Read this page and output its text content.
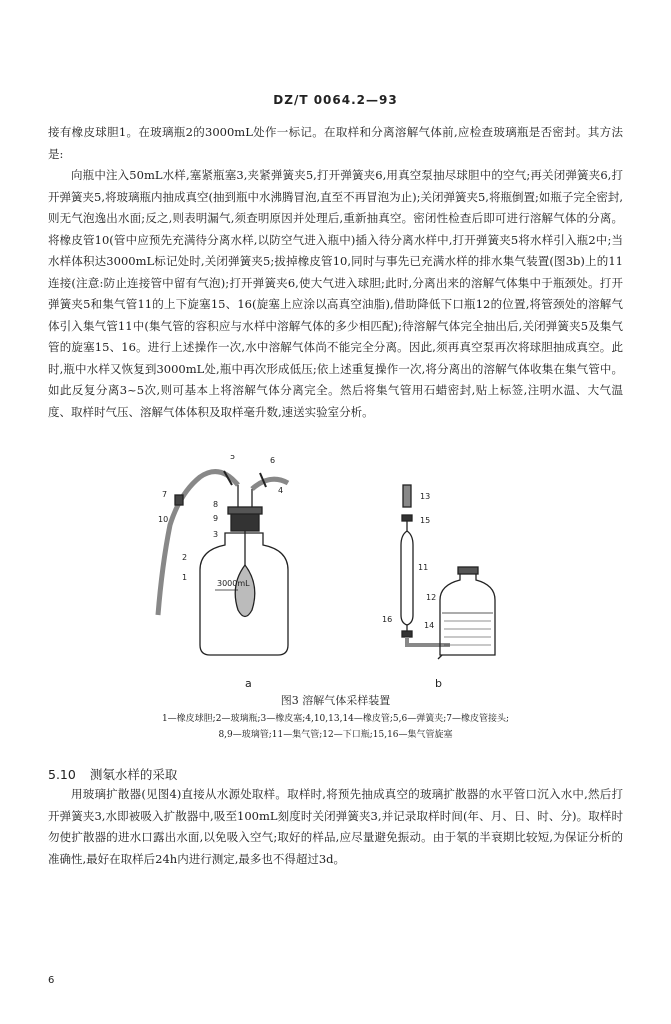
DZ/T 0064.2—93

接有橡皮球胆1。在玻璃瓶2的3000mL处作一标记。在取样和分离溶解气体前,应检查玻璃瓶是否密封。其方法是:

向瓶中注入50mL水样,塞紧瓶塞3,夹紧弹簧夹5,打开弹簧夹6,用真空泵抽尽球胆中的空气;再关闭弹簧夹6,打开弹簧夹5,将玻璃瓶内抽成真空(抽到瓶中水沸腾冒泡,直至不再冒泡为止);关闭弹簧夹5,将瓶倒置;如瓶子完全密封,则无气泡逸出水面;反之,则表明漏气,须查明原因并处理后,重新抽真空。密闭性检查后即可进行溶解气体的分离。将橡皮管10(管中应预先充满待分离水样,以防空气进入瓶中)插入待分离水样中,打开弹簧夹5将水样引入瓶2中;当水样体积达3000mL标记处时,关闭弹簧夹5;拔掉橡皮管10,同时与事先已充满水样的排水集气装置(图3b)上的11连接(注意:防止连接管中留有气泡);打开弹簧夹6,使大气进入球胆;此时,分离出来的溶解气体集中于瓶颈处。打开弹簧夹5和集气管11的上下旋塞15、16(旋塞上应涂以高真空油脂),借助降低下口瓶12的位置,将管颈处的溶解气体引入集气管11中(集气管的容积应与水样中溶解气体的多少相匹配);待溶解气体完全抽出后,关闭弹簧夹5及集气管的旋塞15、16。进行上述操作一次,水中溶解气体尚不能完全分离。因此,须再真空泵再次将球胆抽成真空。此时,瓶中水样又恢复到3000mL处,瓶中再次形成低压;依上述重复操作一次,将分离出的溶解气体收集在集气管中。如此反复分离3~5次,则可基本上将溶解气体分离完全。然后将集气管用石蜡密封,贴上标签,注明水温、大气温度、取样时气压、溶解气体体积及取样毫升数,速送实验室分析。

5	6
4
7
10
8
9
3
2
1
3000mL
13
15
11
12
16
14
a	b
图3 溶解气体采样装置
1—橡皮球胆;2—玻璃瓶;3—橡皮塞;4,10,13,14—橡皮管;5,6—弹簧夹;7—橡皮管接头;
8,9—玻璃管;11—集气管;12—下口瓶;15,16—集气管旋塞
5.10 测氡水样的采取

用玻璃扩散器(见图4)直接从水源处取样。取样时,将预先抽成真空的玻璃扩散器的水平管口沉入水中,然后打开弹簧夹3,水即被吸入扩散器中,吸至100mL刻度时关闭弹簧夹3,并记录取样时间(年、月、日、时、分)。取样时勿使扩散器的进水口露出水面,以免吸入空气;取好的样品,应尽量避免振动。由于氡的半衰期比较短,为保证分析的准确性,最好在取样后24h内进行测定,最多也不得超过3d。

6
